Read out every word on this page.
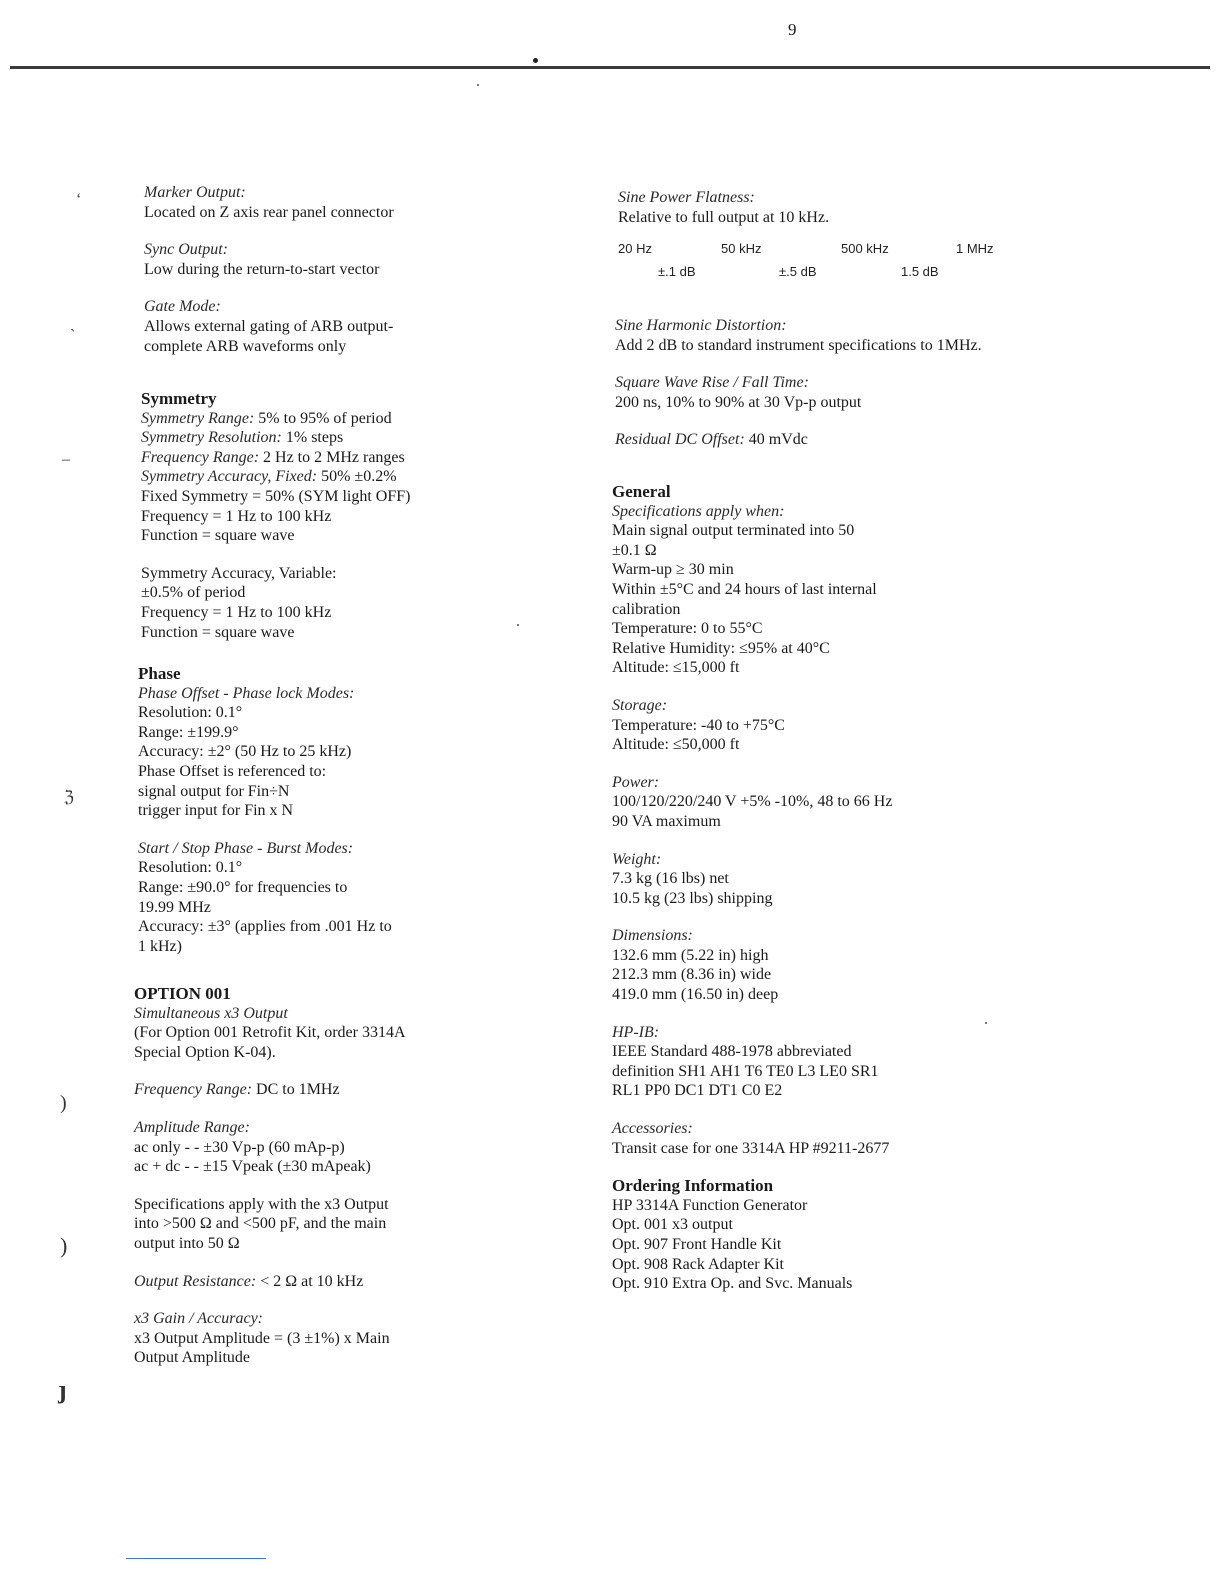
9
ʻ
ˎ
–
ℨ
)
)
ȷ
Marker Output:
Located on Z axis rear panel connector
Sync Output:
Low during the return-to-start vector
Gate Mode:
Allows external gating of ARB output-
complete ARB waveforms only
Symmetry
Symmetry Range: 5% to 95% of period
Symmetry Resolution: 1% steps
Frequency Range: 2 Hz to 2 MHz ranges
Symmetry Accuracy, Fixed: 50% ±0.2%
Fixed Symmetry = 50% (SYM light OFF)
Frequency = 1 Hz to 100 kHz
Function = square wave
Symmetry Accuracy, Variable:
±0.5% of period
Frequency = 1 Hz to 100 kHz
Function = square wave
Phase
Phase Offset - Phase lock Modes:
Resolution: 0.1°
Range: ±199.9°
Accuracy: ±2° (50 Hz to 25 kHz)
Phase Offset is referenced to:
signal output for Fin÷N
trigger input for Fin x N
Start / Stop Phase - Burst Modes:
Resolution: 0.1°
Range: ±90.0° for frequencies to
19.99 MHz
Accuracy: ±3° (applies from .001 Hz to
1 kHz)
OPTION 001
Simultaneous x3 Output
(For Option 001 Retrofit Kit, order 3314A
Special Option K-04).
Frequency Range: DC to 1MHz
Amplitude Range:
ac only - - ±30 Vp-p (60 mAp-p)
ac + dc - - ±15 Vpeak (±30 mApeak)
Specifications apply with the x3 Output
into >500 Ω and <500 pF, and the main
output into 50 Ω
Output Resistance: < 2 Ω at 10 kHz
x3 Gain / Accuracy:
x3 Output Amplitude = (3 ±1%) x Main
Output Amplitude
Sine Power Flatness:
Relative to full output at 10 kHz.
20 Hz	50 kHz	500 kHz	1 MHz
±.1 dB	±.5 dB	1.5 dB
Sine Harmonic Distortion:
Add 2 dB to standard instrument specifications to 1MHz.
Square Wave Rise / Fall Time:
200 ns, 10% to 90% at 30 Vp-p output
Residual DC Offset: 40 mVdc
General
Specifications apply when:
Main signal output terminated into 50
±0.1 Ω
Warm-up ≥ 30 min
Within ±5°C and 24 hours of last internal
calibration
Temperature: 0 to 55°C
Relative Humidity: ≤95% at 40°C
Altitude: ≤15,000 ft
Storage:
Temperature: -40 to +75°C
Altitude: ≤50,000 ft
Power:
100/120/220/240 V +5% -10%, 48 to 66 Hz
90 VA maximum
Weight:
7.3 kg (16 lbs) net
10.5 kg (23 lbs) shipping
Dimensions:
132.6 mm (5.22 in) high
212.3 mm (8.36 in) wide
419.0 mm (16.50 in) deep
HP-IB:
IEEE Standard 488-1978 abbreviated
definition SH1 AH1 T6 TE0 L3 LE0 SR1
RL1 PP0 DC1 DT1 C0 E2
Accessories:
Transit case for one 3314A HP #9211-2677
Ordering Information
HP 3314A Function Generator
Opt. 001 x3 output
Opt. 907 Front Handle Kit
Opt. 908 Rack Adapter Kit
Opt. 910 Extra Op. and Svc. Manuals
